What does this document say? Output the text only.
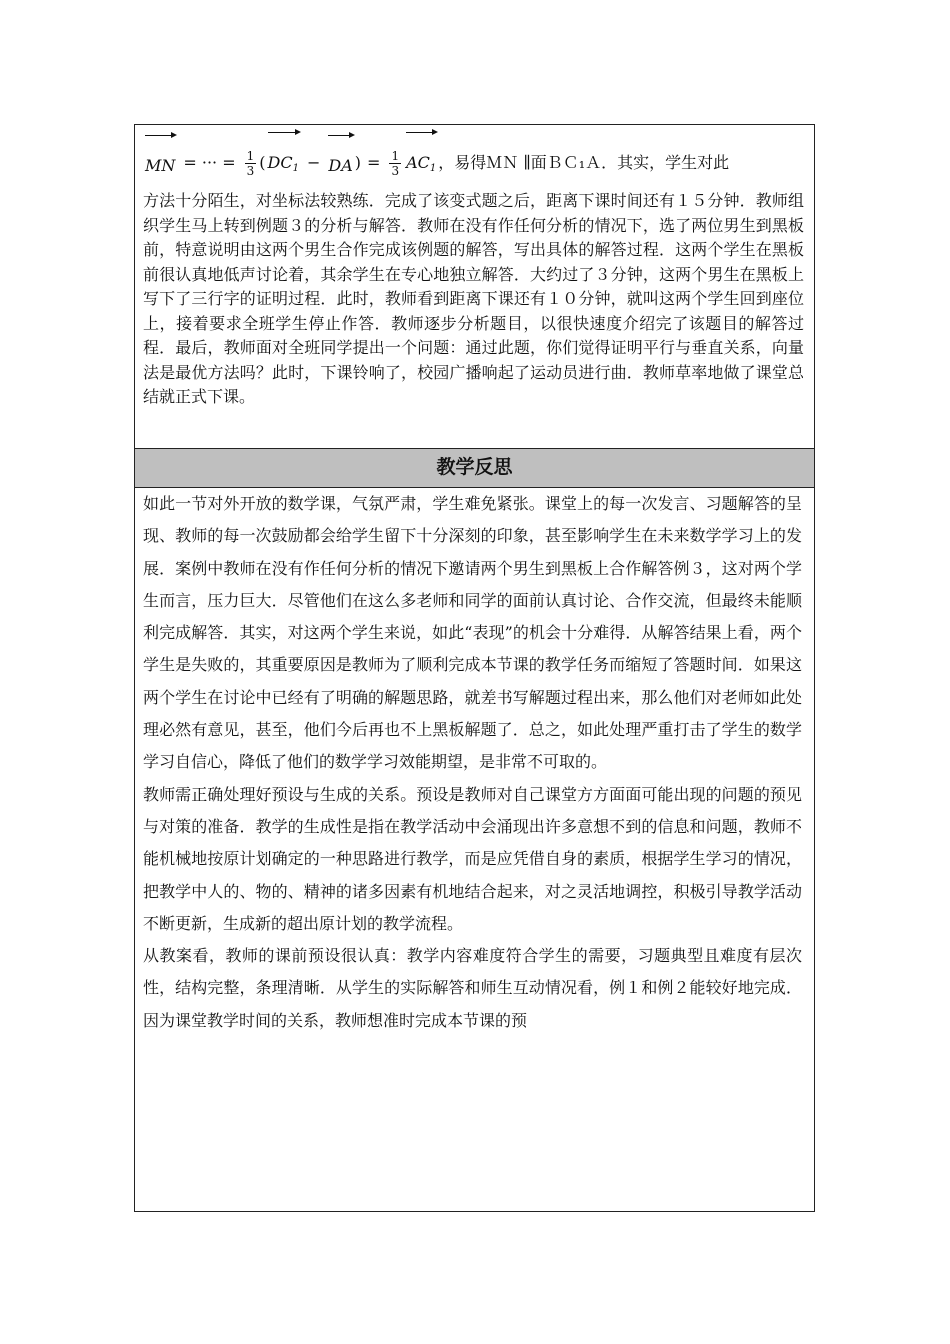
MN = ··· = $\frac{1}{3}$ ( $DC_1$ − DA ) = $\frac{1}{3} AC_1$ ，易得ＭＮ ∥面ＢＣ₁Ａ．其实，学生对此

方法十分陌生，对坐标法较熟练．完成了该变式题之后，距离下课时间还有１５分钟．教师组织学生马上转到例题３的分析与解答．教师在没有作任何分析的情况下，选了两位男生到黑板前，特意说明由这两个男生合作完成该例题的解答，写出具体的解答过程．这两个学生在黑板前很认真地低声讨论着，其余学生在专心地独立解答．大约过了３分钟，这两个男生在黑板上写下了三行字的证明过程．此时，教师看到距离下课还有１０分钟，就叫这两个学生回到座位上，接着要求全班学生停止作答．教师逐步分析题目，以很快速度介绍完了该题目的解答过程．最后，教师面对全班同学提出一个问题：通过此题，你们觉得证明平行与垂直关系，向量法是最优方法吗？此时，下课铃响了，校园广播响起了运动员进行曲．教师草率地做了课堂总结就正式下课。

教学反思

如此一节对外开放的数学课，气氛严肃，学生难免紧张。课堂上的每一次发言、习题解答的呈现、教师的每一次鼓励都会给学生留下十分深刻的印象，甚至影响学生在未来数学学习上的发展．案例中教师在没有作任何分析的情况下邀请两个男生到黑板上合作解答例３，这对两个学生而言，压力巨大．尽管他们在这么多老师和同学的面前认真讨论、合作交流，但最终未能顺利完成解答．其实，对这两个学生来说，如此“表现”的机会十分难得．从解答结果上看，两个学生是失败的，其重要原因是教师为了顺利完成本节课的教学任务而缩短了答题时间．如果这两个学生在讨论中已经有了明确的解题思路，就差书写解题过程出来，那么他们对老师如此处理必然有意见，甚至，他们今后再也不上黑板解题了．总之，如此处理严重打击了学生的数学学习自信心，降低了他们的数学学习效能期望，是非常不可取的。

教师需正确处理好预设与生成的关系。预设是教师对自己课堂方方面面可能出现的问题的预见与对策的准备．教学的生成性是指在教学活动中会涌现出许多意想不到的信息和问题，教师不能机械地按原计划确定的一种思路进行教学，而是应凭借自身的素质，根据学生学习的情况，把教学中人的、物的、精神的诸多因素有机地结合起来，对之灵活地调控，积极引导教学活动不断更新，生成新的超出原计划的教学流程。

从教案看，教师的课前预设很认真：教学内容难度符合学生的需要，习题典型且难度有层次性，结构完整，条理清晰．从学生的实际解答和师生互动情况看，例１和例２能较好地完成．因为课堂教学时间的关系，教师想准时完成本节课的预
